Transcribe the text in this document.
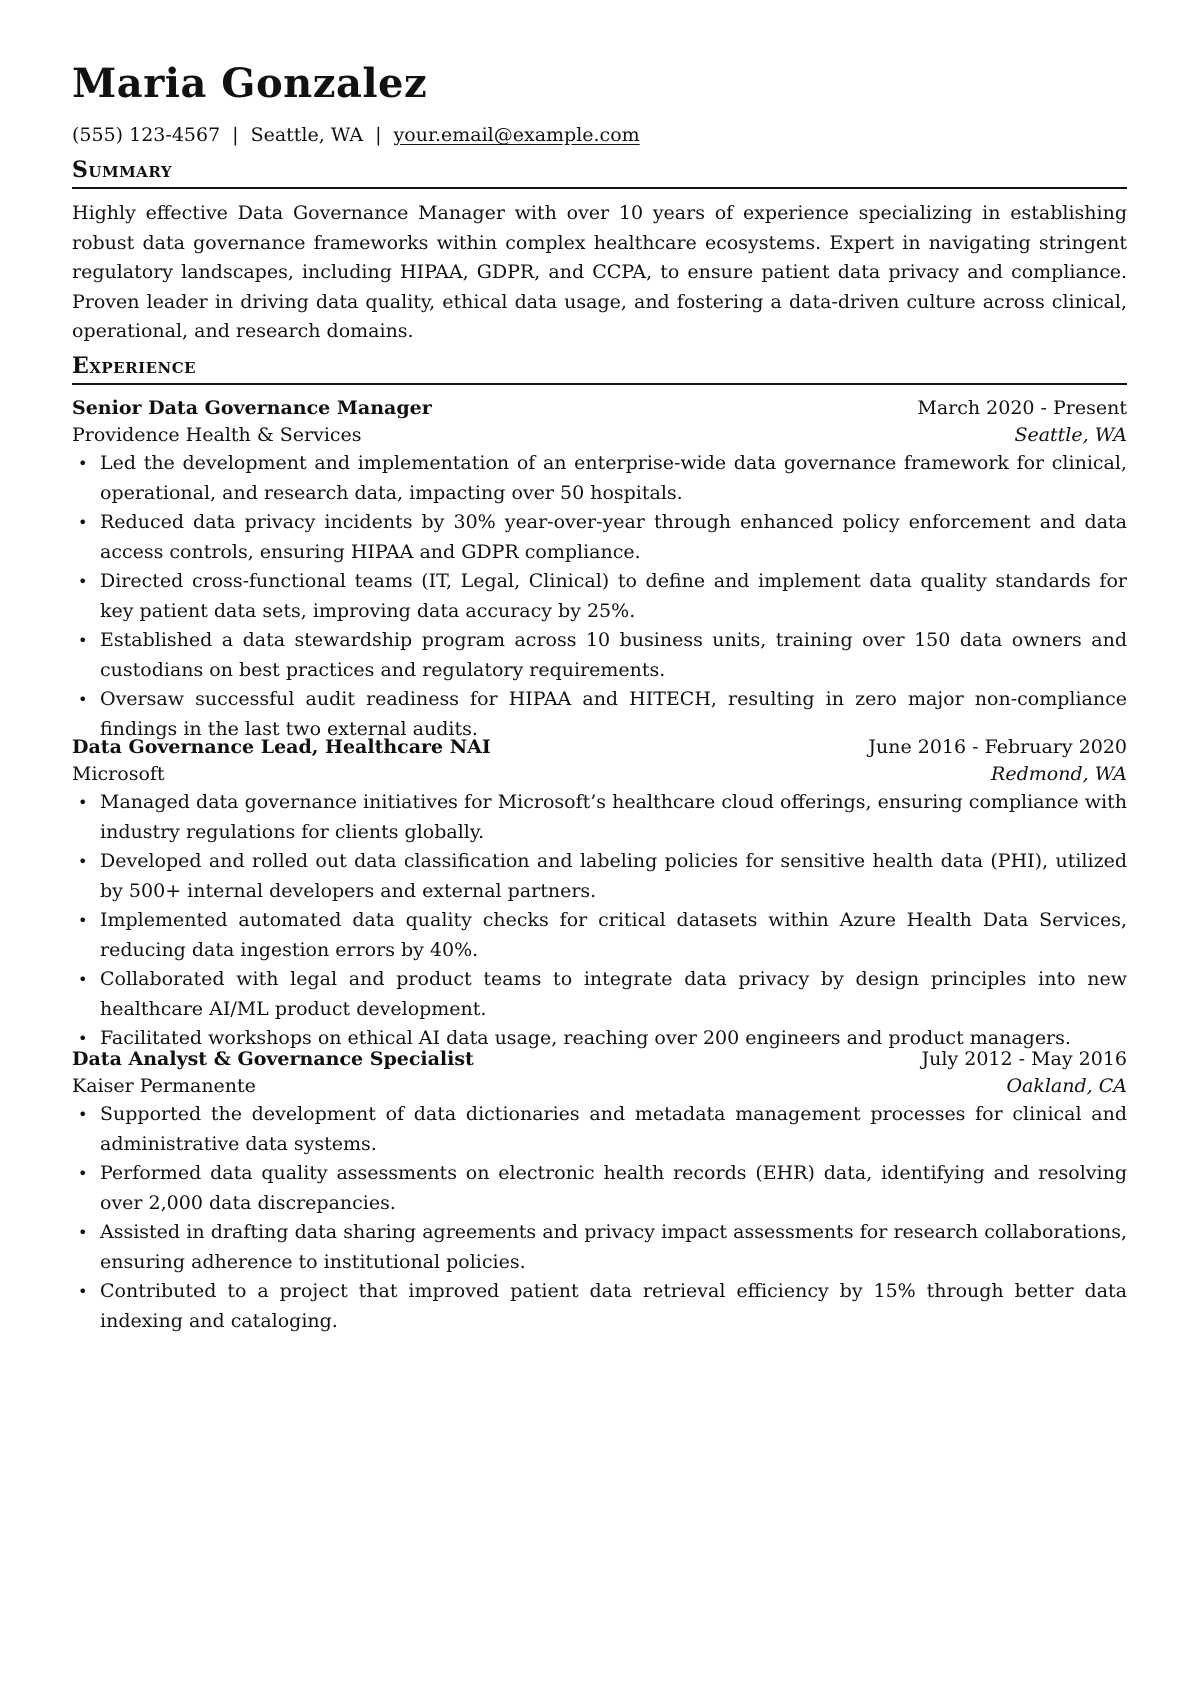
Maria Gonzalez
(555) 123-4567 | Seattle, WA | your.email@example.com
Summary
Highly effective Data Governance Manager with over 10 years of experience specializing in establishing robust data governance frameworks within complex healthcare ecosystems. Expert in navigating stringent regulatory landscapes, including HIPAA, GDPR, and CCPA, to ensure patient data privacy and compliance. Proven leader in driving data quality, ethical data usage, and fostering a data-driven culture across clinical, operational, and research domains.
Experience
Senior Data Governance Manager	March 2020 - Present
Providence Health & Services	Seattle, WA
• Led the development and implementation of an enterprise-wide data governance framework for clinical, operational, and research data, impacting over 50 hospitals.
• Reduced data privacy incidents by 30% year-over-year through enhanced policy enforcement and data access controls, ensuring HIPAA and GDPR compliance.
• Directed cross-functional teams (IT, Legal, Clinical) to define and implement data quality standards for key patient data sets, improving data accuracy by 25%.
• Established a data stewardship program across 10 business units, training over 150 data owners and custodians on best practices and regulatory requirements.
• Oversaw successful audit readiness for HIPAA and HITECH, resulting in zero major non-compliance findings in the last two external audits.
Data Governance Lead, Healthcare NAI	June 2016 - February 2020
Microsoft	Redmond, WA
• Managed data governance initiatives for Microsoft’s healthcare cloud offerings, ensuring compliance with industry regulations for clients globally.
• Developed and rolled out data classification and labeling policies for sensitive health data (PHI), utilized by 500+ internal developers and external partners.
• Implemented automated data quality checks for critical datasets within Azure Health Data Services, reducing data ingestion errors by 40%.
• Collaborated with legal and product teams to integrate data privacy by design principles into new healthcare AI/ML product development.
• Facilitated workshops on ethical AI data usage, reaching over 200 engineers and product managers.
Data Analyst & Governance Specialist	July 2012 - May 2016
Kaiser Permanente	Oakland, CA
• Supported the development of data dictionaries and metadata management processes for clinical and administrative data systems.
• Performed data quality assessments on electronic health records (EHR) data, identifying and resolving over 2,000 data discrepancies.
• Assisted in drafting data sharing agreements and privacy impact assessments for research collaborations, ensuring adherence to institutional policies.
• Contributed to a project that improved patient data retrieval efficiency by 15% through better data indexing and cataloging.
